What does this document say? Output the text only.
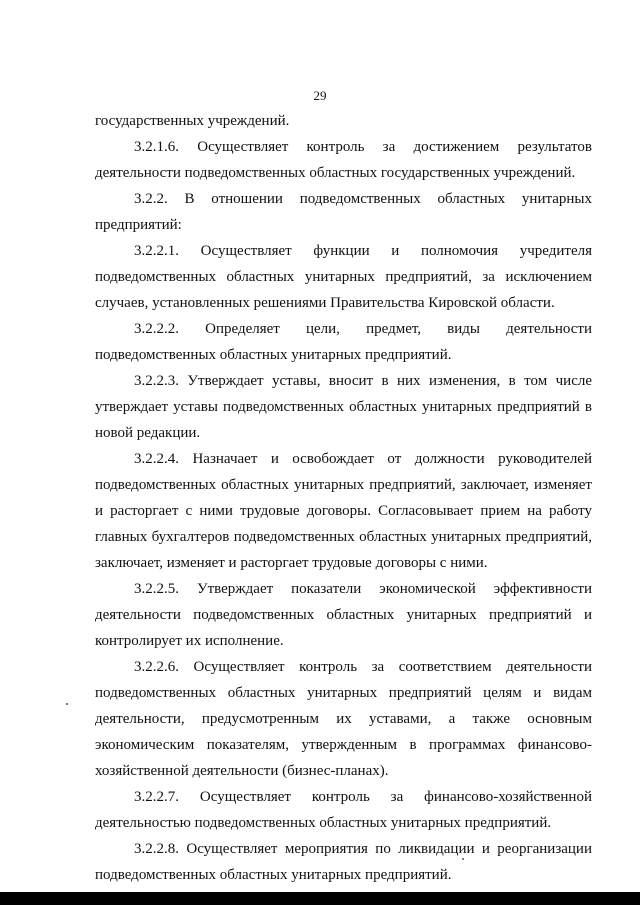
29

государственных учреждений.

3.2.1.6. Осуществляет контроль за достижением результатов деятельности подведомственных областных государственных учреждений.

3.2.2. В отношении подведомственных областных унитарных предприятий:

3.2.2.1. Осуществляет функции и полномочия учредителя подведомственных областных унитарных предприятий, за исключением случаев, установленных решениями Правительства Кировской области.

3.2.2.2. Определяет цели, предмет, виды деятельности подведомственных областных унитарных предприятий.

3.2.2.3. Утверждает уставы, вносит в них изменения, в том числе утверждает уставы подведомственных областных унитарных предприятий в новой редакции.

3.2.2.4. Назначает и освобождает от должности руководителей подведомственных областных унитарных предприятий, заключает, изменяет и расторгает с ними трудовые договоры. Согласовывает прием на работу главных бухгалтеров подведомственных областных унитарных предприятий, заключает, изменяет и расторгает трудовые договоры с ними.

3.2.2.5. Утверждает показатели экономической эффективности деятельности подведомственных областных унитарных предприятий и контролирует их исполнение.

3.2.2.6. Осуществляет контроль за соответствием деятельности подведомственных областных унитарных предприятий целям и видам деятельности, предусмотренным их уставами, а также основным экономическим показателям, утвержденным в программах финансово-хозяйственной деятельности (бизнес-планах).

3.2.2.7. Осуществляет контроль за финансово-хозяйственной деятельностью подведомственных областных унитарных предприятий.

3.2.2.8. Осуществляет мероприятия по ликвидации и реорганизации подведомственных областных унитарных предприятий.
